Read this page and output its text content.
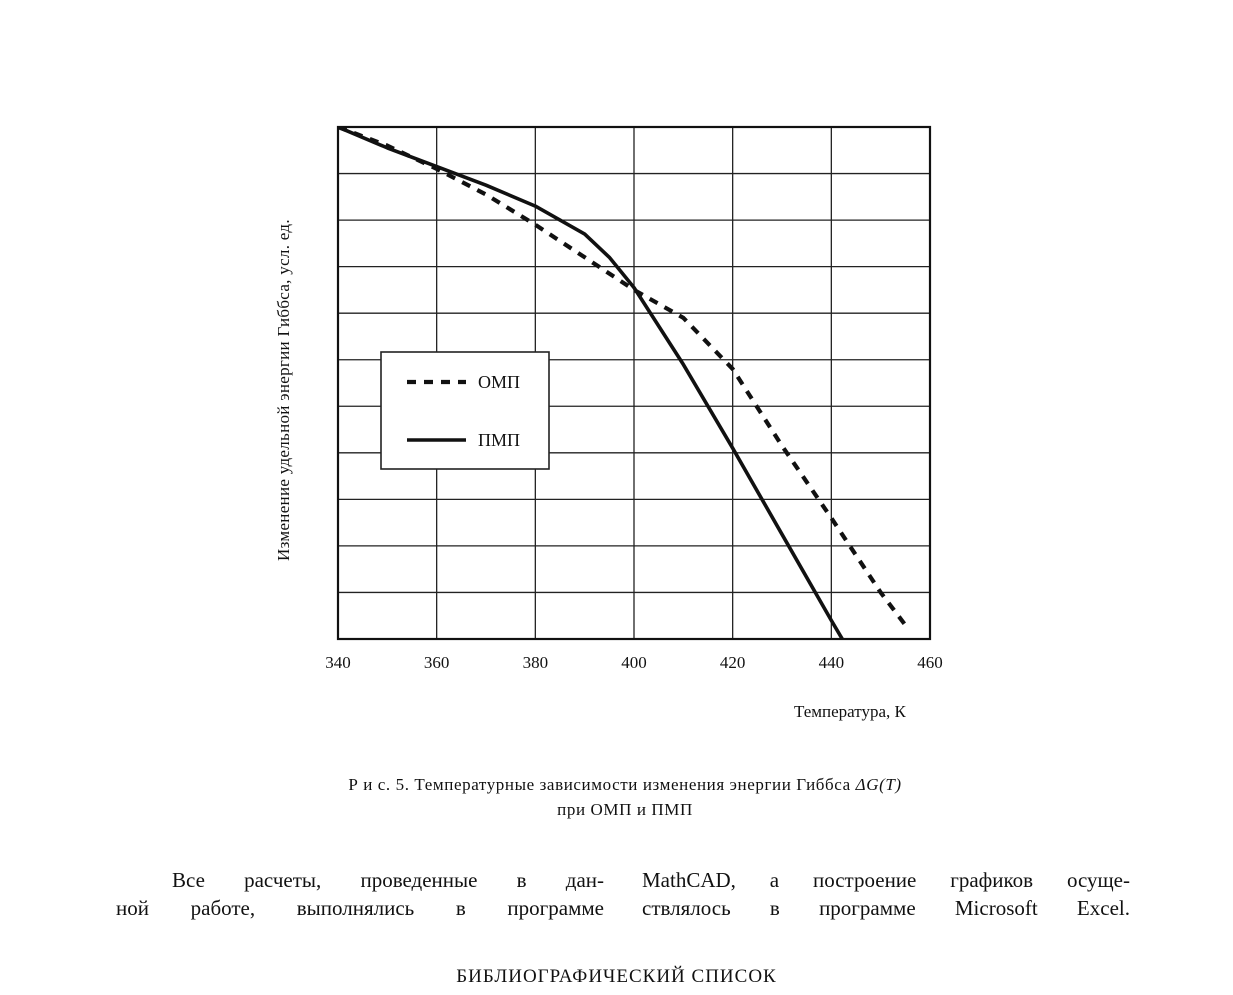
340	360	380	400	420	440	460
ОМП
ПМП
Изменение удельной энергии Гиббса, усл. ед.
Температура, К
Р и с. 5. Температурные зависимости изменения энергии Гиббса ΔG(T)
при ОМП и ПМП
Все расчеты, проведенные в дан-
ной работе, выполнялись в программе
MathCAD, а построение графиков осуще-
ствлялось в программе Microsoft Excel.
БИБЛИОГРАФИЧЕСКИЙ СПИСОК
